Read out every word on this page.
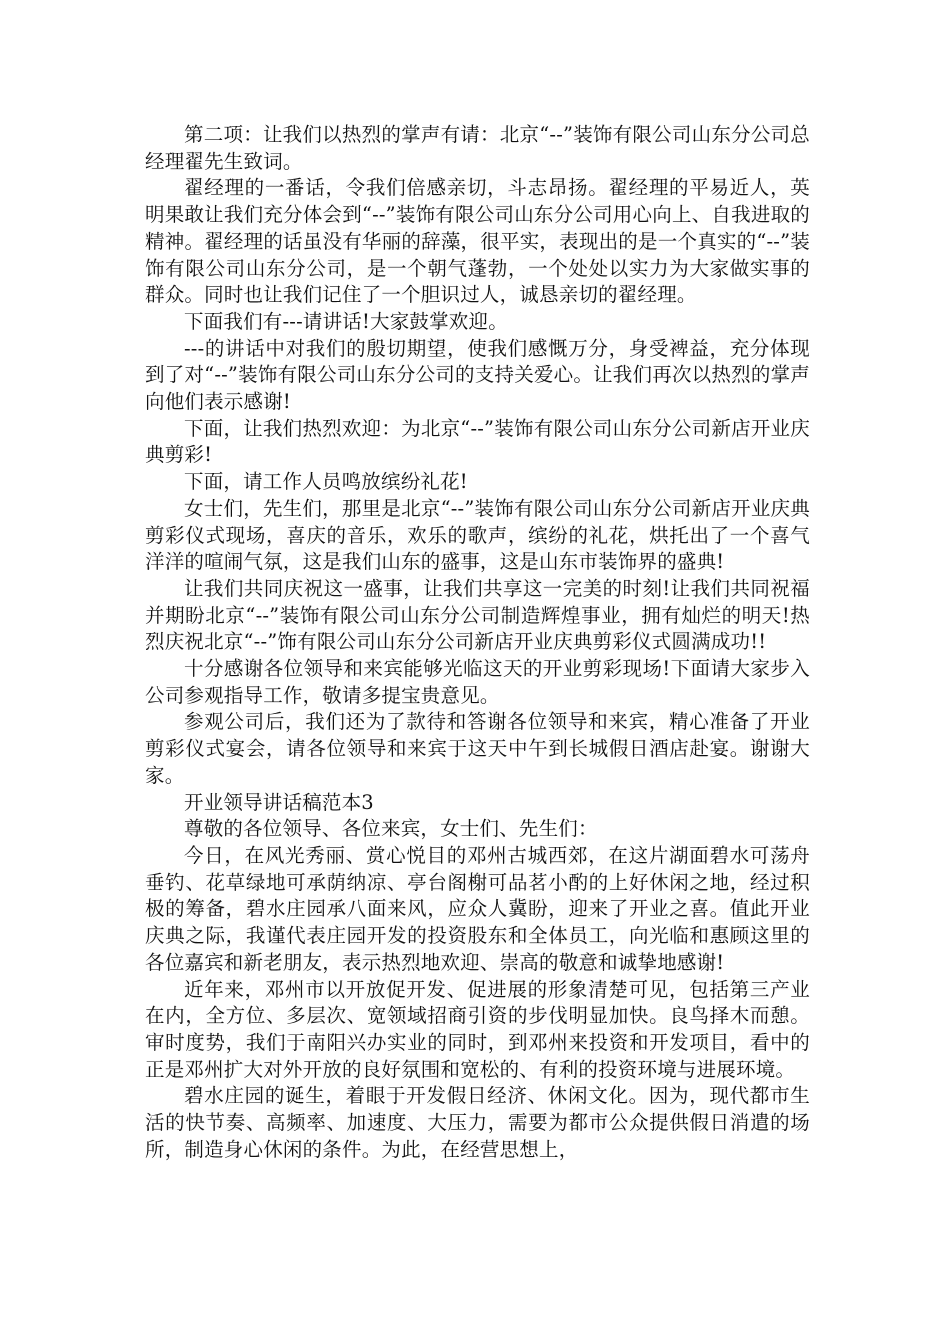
第二项：让我们以热烈的掌声有请：北京“--”装饰有限公司山东分公司总经理翟先生致词。

翟经理的一番话，令我们倍感亲切，斗志昂扬。翟经理的平易近人，英明果敢让我们充分体会到“--”装饰有限公司山东分公司用心向上、自我进取的精神。翟经理的话虽没有华丽的辞藻，很平实，表现出的是一个真实的“--”装饰有限公司山东分公司，是一个朝气蓬勃，一个处处以实力为大家做实事的群众。同时也让我们记住了一个胆识过人，诚恳亲切的翟经理。

下面我们有---请讲话!大家鼓掌欢迎。

---的讲话中对我们的殷切期望，使我们感慨万分，身受裨益，充分体现到了对“--”装饰有限公司山东分公司的支持关爱心。让我们再次以热烈的掌声向他们表示感谢!

下面，让我们热烈欢迎：为北京“--”装饰有限公司山东分公司新店开业庆典剪彩!

下面，请工作人员鸣放缤纷礼花!

女士们，先生们，那里是北京“--”装饰有限公司山东分公司新店开业庆典剪彩仪式现场，喜庆的音乐，欢乐的歌声，缤纷的礼花，烘托出了一个喜气洋洋的喧闹气氛，这是我们山东的盛事，这是山东市装饰界的盛典!

让我们共同庆祝这一盛事，让我们共享这一完美的时刻!让我们共同祝福并期盼北京“--”装饰有限公司山东分公司制造辉煌事业，拥有灿烂的明天!热烈庆祝北京“--”饰有限公司山东分公司新店开业庆典剪彩仪式圆满成功!!

十分感谢各位领导和来宾能够光临这天的开业剪彩现场!下面请大家步入公司参观指导工作，敬请多提宝贵意见。

参观公司后，我们还为了款待和答谢各位领导和来宾，精心准备了开业剪彩仪式宴会，请各位领导和来宾于这天中午到长城假日酒店赴宴。谢谢大家。

开业领导讲话稿范本3

尊敬的各位领导、各位来宾，女士们、先生们：

今日，在风光秀丽、赏心悦目的邓州古城西郊，在这片湖面碧水可荡舟垂钓、花草绿地可承荫纳凉、亭台阁榭可品茗小酌的上好休闲之地，经过积极的筹备，碧水庄园承八面来风，应众人冀盼，迎来了开业之喜。值此开业庆典之际，我谨代表庄园开发的投资股东和全体员工，向光临和惠顾这里的各位嘉宾和新老朋友，表示热烈地欢迎、崇高的敬意和诚挚地感谢!

近年来，邓州市以开放促开发、促进展的形象清楚可见，包括第三产业在内，全方位、多层次、宽领域招商引资的步伐明显加快。良鸟择木而憩。审时度势，我们于南阳兴办实业的同时，到邓州来投资和开发项目，看中的正是邓州扩大对外开放的良好氛围和宽松的、有利的投资环境与进展环境。

碧水庄园的诞生，着眼于开发假日经济、休闲文化。因为，现代都市生活的快节奏、高频率、加速度、大压力，需要为都市公众提供假日消遣的场所，制造身心休闲的条件。为此，在经营思想上，
